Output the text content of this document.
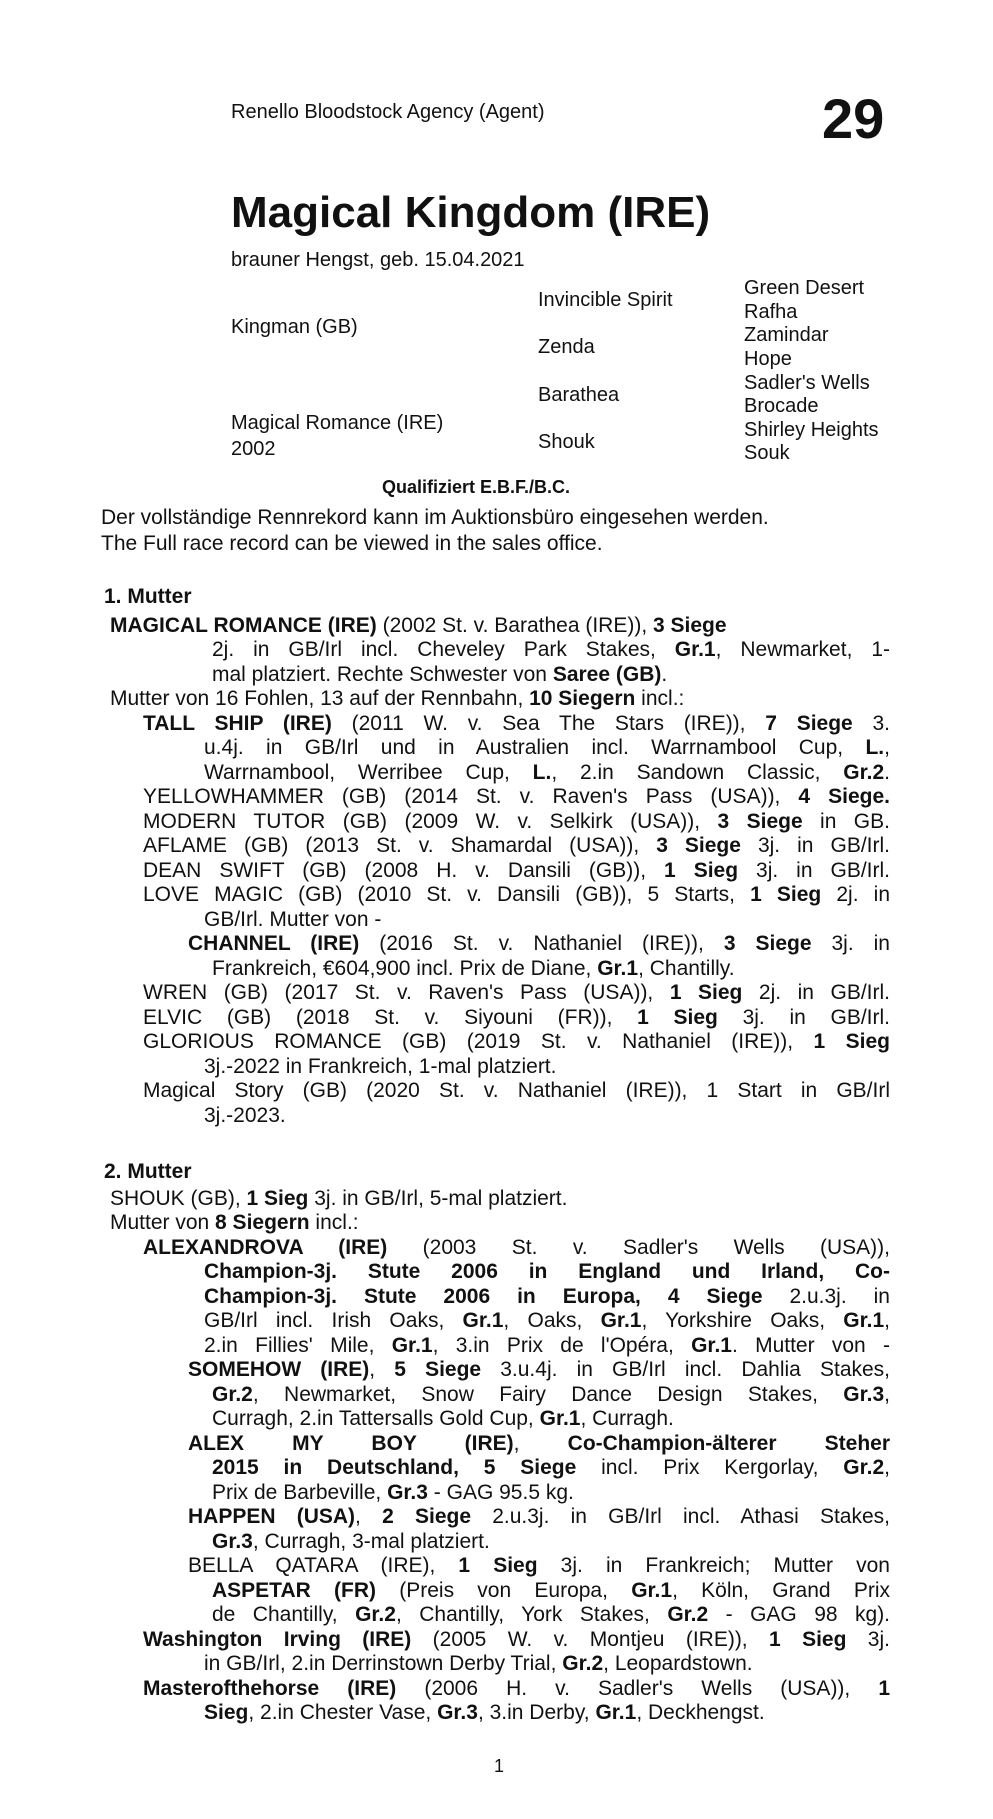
Renello Bloodstock Agency (Agent)	29
Magical Kingdom (IRE)
brauner Hengst, geb. 15.04.2021
Kingman (GB)
Magical Romance (IRE)
2002
Invincible Spirit
Zenda
Barathea
Shouk
Green Desert
Rafha
Zamindar
Hope
Sadler's Wells
Brocade
Shirley Heights
Souk
Qualifiziert E.B.F./B.C.
Der vollständige Rennrekord kann im Auktionsbüro eingesehen werden.
The Full race record can be viewed in the sales office.
1. Mutter
MAGICAL ROMANCE (IRE) (2002 St. v. Barathea (IRE)), 3 Siege
2j. in GB/Irl incl. Cheveley Park Stakes, Gr.1, Newmarket, 1-
mal platziert. Rechte Schwester von Saree (GB).
Mutter von 16 Fohlen, 13 auf der Rennbahn, 10 Siegern incl.:
TALL SHIP (IRE) (2011 W. v. Sea The Stars (IRE)), 7 Siege 3.
u.4j. in GB/Irl und in Australien incl. Warrnambool Cup, L.,
Warrnambool, Werribee Cup, L., 2.in Sandown Classic, Gr.2.
YELLOWHAMMER (GB) (2014 St. v. Raven's Pass (USA)), 4 Siege.
MODERN TUTOR (GB) (2009 W. v. Selkirk (USA)), 3 Siege in GB.
AFLAME (GB) (2013 St. v. Shamardal (USA)), 3 Siege 3j. in GB/Irl.
DEAN SWIFT (GB) (2008 H. v. Dansili (GB)), 1 Sieg 3j. in GB/Irl.
LOVE MAGIC (GB) (2010 St. v. Dansili (GB)), 5 Starts, 1 Sieg 2j. in
GB/Irl. Mutter von -
CHANNEL (IRE) (2016 St. v. Nathaniel (IRE)), 3 Siege 3j. in
Frankreich, €604,900 incl. Prix de Diane, Gr.1, Chantilly.
WREN (GB) (2017 St. v. Raven's Pass (USA)), 1 Sieg 2j. in GB/Irl.
ELVIC (GB) (2018 St. v. Siyouni (FR)), 1 Sieg 3j. in GB/Irl.
GLORIOUS ROMANCE (GB) (2019 St. v. Nathaniel (IRE)), 1 Sieg
3j.-2022 in Frankreich, 1-mal platziert.
Magical Story (GB) (2020 St. v. Nathaniel (IRE)), 1 Start in GB/Irl
3j.-2023.
2. Mutter
SHOUK (GB), 1 Sieg 3j. in GB/Irl, 5-mal platziert.
Mutter von 8 Siegern incl.:
ALEXANDROVA (IRE) (2003 St. v. Sadler's Wells (USA)),
Champion-3j. Stute 2006 in England und Irland, Co-
Champion-3j. Stute 2006 in Europa, 4 Siege 2.u.3j. in
GB/Irl incl. Irish Oaks, Gr.1, Oaks, Gr.1, Yorkshire Oaks, Gr.1,
2.in Fillies' Mile, Gr.1, 3.in Prix de l'Opéra, Gr.1. Mutter von -
SOMEHOW (IRE), 5 Siege 3.u.4j. in GB/Irl incl. Dahlia Stakes,
Gr.2, Newmarket, Snow Fairy Dance Design Stakes, Gr.3,
Curragh, 2.in Tattersalls Gold Cup, Gr.1, Curragh.
ALEX MY BOY (IRE), Co-Champion-älterer Steher
2015 in Deutschland, 5 Siege incl. Prix Kergorlay, Gr.2,
Prix de Barbeville, Gr.3 - GAG 95.5 kg.
HAPPEN (USA), 2 Siege 2.u.3j. in GB/Irl incl. Athasi Stakes,
Gr.3, Curragh, 3-mal platziert.
BELLA QATARA (IRE), 1 Sieg 3j. in Frankreich; Mutter von
ASPETAR (FR) (Preis von Europa, Gr.1, Köln, Grand Prix
de Chantilly, Gr.2, Chantilly, York Stakes, Gr.2 - GAG 98 kg).
Washington Irving (IRE) (2005 W. v. Montjeu (IRE)), 1 Sieg 3j.
in GB/Irl, 2.in Derrinstown Derby Trial, Gr.2, Leopardstown.
Masterofthehorse (IRE) (2006 H. v. Sadler's Wells (USA)), 1
Sieg, 2.in Chester Vase, Gr.3, 3.in Derby, Gr.1, Deckhengst.
1
